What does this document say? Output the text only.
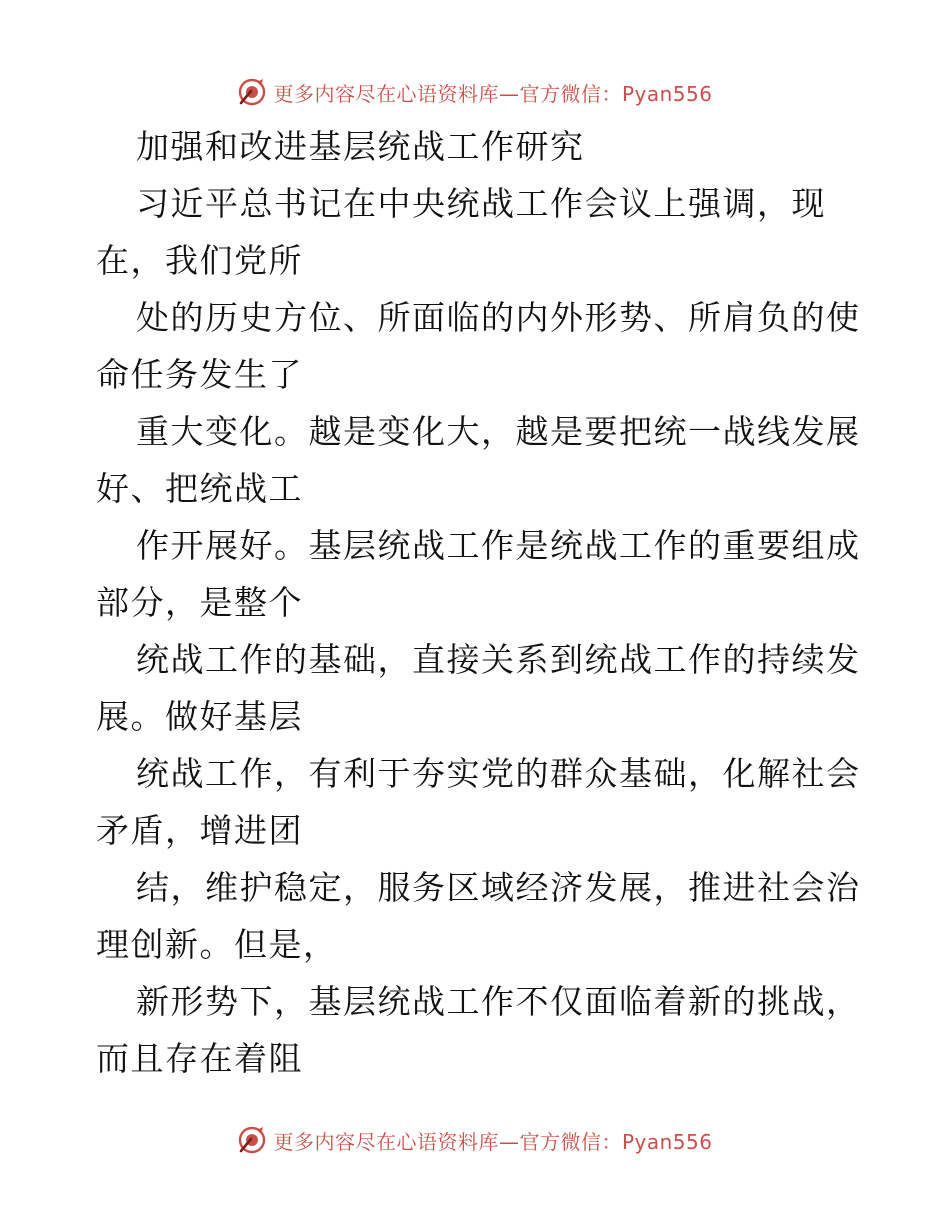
更多内容尽在心语资料库—官方微信：Pyan556
加强和改进基层统战工作研究
习近平总书记在中央统战工作会议上强调，现
在，我们党所
处的历史方位、所面临的内外形势、所肩负的使
命任务发生了
重大变化。越是变化大，越是要把统一战线发展
好、把统战工
作开展好。基层统战工作是统战工作的重要组成
部分，是整个
统战工作的基础，直接关系到统战工作的持续发
展。做好基层
统战工作，有利于夯实党的群众基础，化解社会
矛盾，增进团
结，维护稳定，服务区域经济发展，推进社会治
理创新。但是，
新形势下，基层统战工作不仅面临着新的挑战，
而且存在着阻
更多内容尽在心语资料库—官方微信：Pyan556
